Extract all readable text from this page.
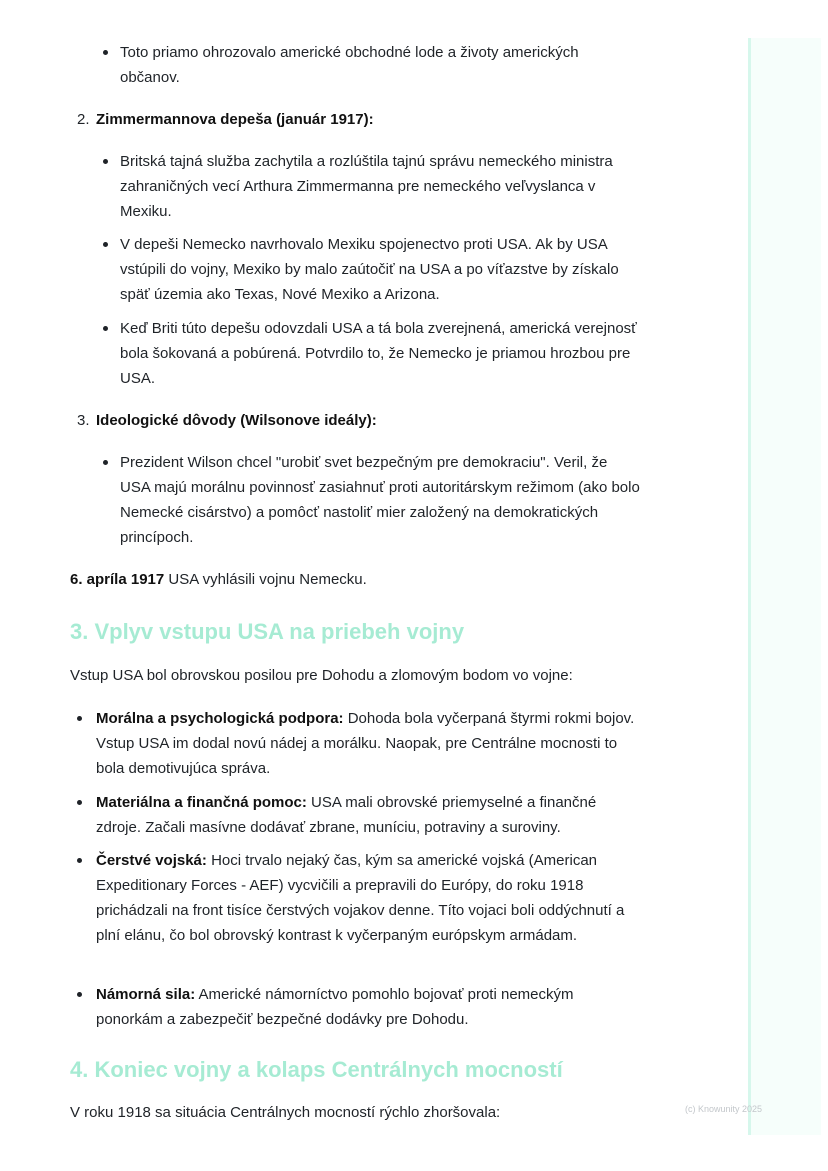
Toto priamo ohrozovalo americké obchodné lode a životy amerických občanov.
2. Zimmermannova depeša (január 1917):
Britská tajná služba zachytila a rozlúštila tajnú správu nemeckého ministra zahraničných vecí Arthura Zimmermanna pre nemeckého veľvyslanca v Mexiku.
V depeši Nemecko navrhovalo Mexiku spojenectvo proti USA. Ak by USA vstúpili do vojny, Mexiko by malo zaútočiť na USA a po víťazstve by získalo späť územia ako Texas, Nové Mexiko a Arizona.
Keď Briti túto depešu odovzdali USA a tá bola zverejnená, americká verejnosť bola šokovaná a pobúrená. Potvrdilo to, že Nemecko je priamou hrozbou pre USA.
3. Ideologické dôvody (Wilsonove ideály):
Prezident Wilson chcel "urobiť svet bezpečným pre demokraciu". Veril, že USA majú morálnu povinnosť zasiahnuť proti autoritárskym režimom (ako bolo Nemecké cisárstvo) a pomôcť nastoliť mier založený na demokratických princípoch.
6. apríla 1917 USA vyhlásili vojnu Nemecku.
3. Vplyv vstupu USA na priebeh vojny
Vstup USA bol obrovskou posilou pre Dohodu a zlomovým bodom vo vojne:
Morálna a psychologická podpora: Dohoda bola vyčerpaná štyrmi rokmi bojov. Vstup USA im dodal novú nádej a morálku. Naopak, pre Centrálne mocnosti to bola demotivujúca správa.
Materiálna a finančná pomoc: USA mali obrovské priemyselné a finančné zdroje. Začali masívne dodávať zbrane, muníciu, potraviny a suroviny.
Čerstvé vojská: Hoci trvalo nejaký čas, kým sa americké vojská (American Expeditionary Forces - AEF) vycvičili a prepravili do Európy, do roku 1918 prichádzali na front tisíce čerstvých vojakov denne. Títo vojaci boli oddýchnutí a plní elánu, čo bol obrovský kontrast k vyčerpaným európskym armádam.
Námorná sila: Americké námorníctvo pomohlo bojovať proti nemeckým ponorkám a zabezpečiť bezpečné dodávky pre Dohodu.
4. Koniec vojny a kolaps Centrálnych mocností
V roku 1918 sa situácia Centrálnych mocností rýchlo zhoršovala:	(c) Knowunity 2025
